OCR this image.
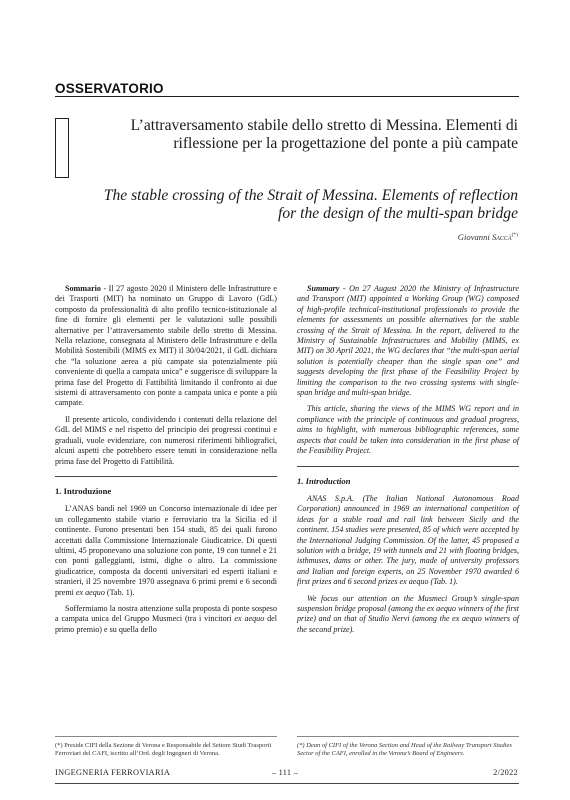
OSSERVATORIO
L’attraversamento stabile dello stretto di Messina. Elementi di riflessione per la progettazione del ponte a più campate
The stable crossing of the Strait of Messina. Elements of reflection for the design of the multi-span bridge
Giovanni Saccà(*)

Sommario - Il 27 agosto 2020 il Ministero delle Infrastrutture e dei Trasporti (MIT) ha nominato un Gruppo di Lavoro (GdL) composto da professionalità di alto profilo tecnico-istituzionale al fine di fornire gli elementi per le valutazioni sulle possibili alternative per l’attraversamento stabile dello stretto di Messina. Nella relazione, consegnata al Ministero delle Infrastrutture e della Mobilità Sostenibili (MIMS ex MIT) il 30/04/2021, il GdL dichiara che “la soluzione aerea a più campate sia potenzialmente più conveniente di quella a campata unica” e suggerisce di sviluppare la prima fase del Progetto di Fattibilità limitando il confronto ai due sistemi di attraversamento con ponte a campata unica e ponte a più campate.

Il presente articolo, condividendo i contenuti della relazione del GdL del MIMS e nel rispetto del principio dei progressi continui e graduali, vuole evidenziare, con numerosi riferimenti bibliografici, alcuni aspetti che potrebbero essere tenuti in considerazione nella prima fase del Progetto di Fattibilità.

1. Introduzione

L’ANAS bandì nel 1969 un Concorso internazionale di idee per un collegamento stabile viario e ferroviario tra la Sicilia ed il continente. Furono presentati ben 154 studi, 85 dei quali furono accettati dalla Commissione Internazionale Giudicatrice. Di questi ultimi, 45 proponevano una soluzione con ponte, 19 con tunnel e 21 con ponti galleggianti, istmi, dighe o altro. La commissione giudicatrice, composta da docenti universitari ed esperti italiani e stranieri, il 25 novembre 1970 assegnava 6 primi premi e 6 secondi premi ex aequo (Tab. 1).

Soffermiamo la nostra attenzione sulla proposta di ponte sospeso a campata unica del Gruppo Musmeci (tra i vincitori ex aequo del primo premio) e su quella dello

Summary - On 27 August 2020 the Ministry of Infrastructure and Transport (MIT) appointed a Working Group (WG) composed of high-profile technical-institutional professionals to provide the elements for assessments on possible alternatives for the stable crossing of the Strait of Messina. In the report, delivered to the Ministry of Sustainable Infrastructures and Mobility (MIMS, ex MIT) on 30 April 2021, the WG declares that “the multi-span aerial solution is potentially cheaper than the single span one” and suggests developing the first phase of the Feasibility Project by limiting the comparison to the two crossing systems with single-span bridge and multi-span bridge.

This article, sharing the views of the MIMS WG report and in compliance with the principle of continuous and gradual progress, aims to highlight, with numerous bibliographic references, some aspects that could be taken into consideration in the first phase of the Feasibility Project.

1. Introduction

ANAS S.p.A. (The Italian National Autonomous Road Corporation) announced in 1969 an international competition of ideas for a stable road and rail link between Sicily and the continent. 154 studies were presented, 85 of which were accepted by the International Judging Commission. Of the latter, 45 proposed a solution with a bridge, 19 with tunnels and 21 with floating bridges, isthmuses, dams or other. The jury, made of university professors and Italian and foreign experts, on 25 November 1970 awarded 6 first prizes and 6 second prizes ex aequo (Tab. 1).

We focus our attention on the Musmeci Group’s single-span suspension bridge proposal (among the ex aequo winners of the first prize) and on that of Studio Nervi (among the ex aequo winners of the second prize).

(*) Preside CIFI della Sezione di Verona e Responsabile del Settore Studi Trasporti Ferroviari del CAFI, iscritto all’Ord. degli Ingegneri di Verona.
(*) Dean of CIFI of the Verona Section and Head of the Railway Transport Studies Sector of the CAFI, enrolled in the Verona’s Board of Engineers.
INGEGNERIA FERROVIARIA	– 111 –	2/2022
